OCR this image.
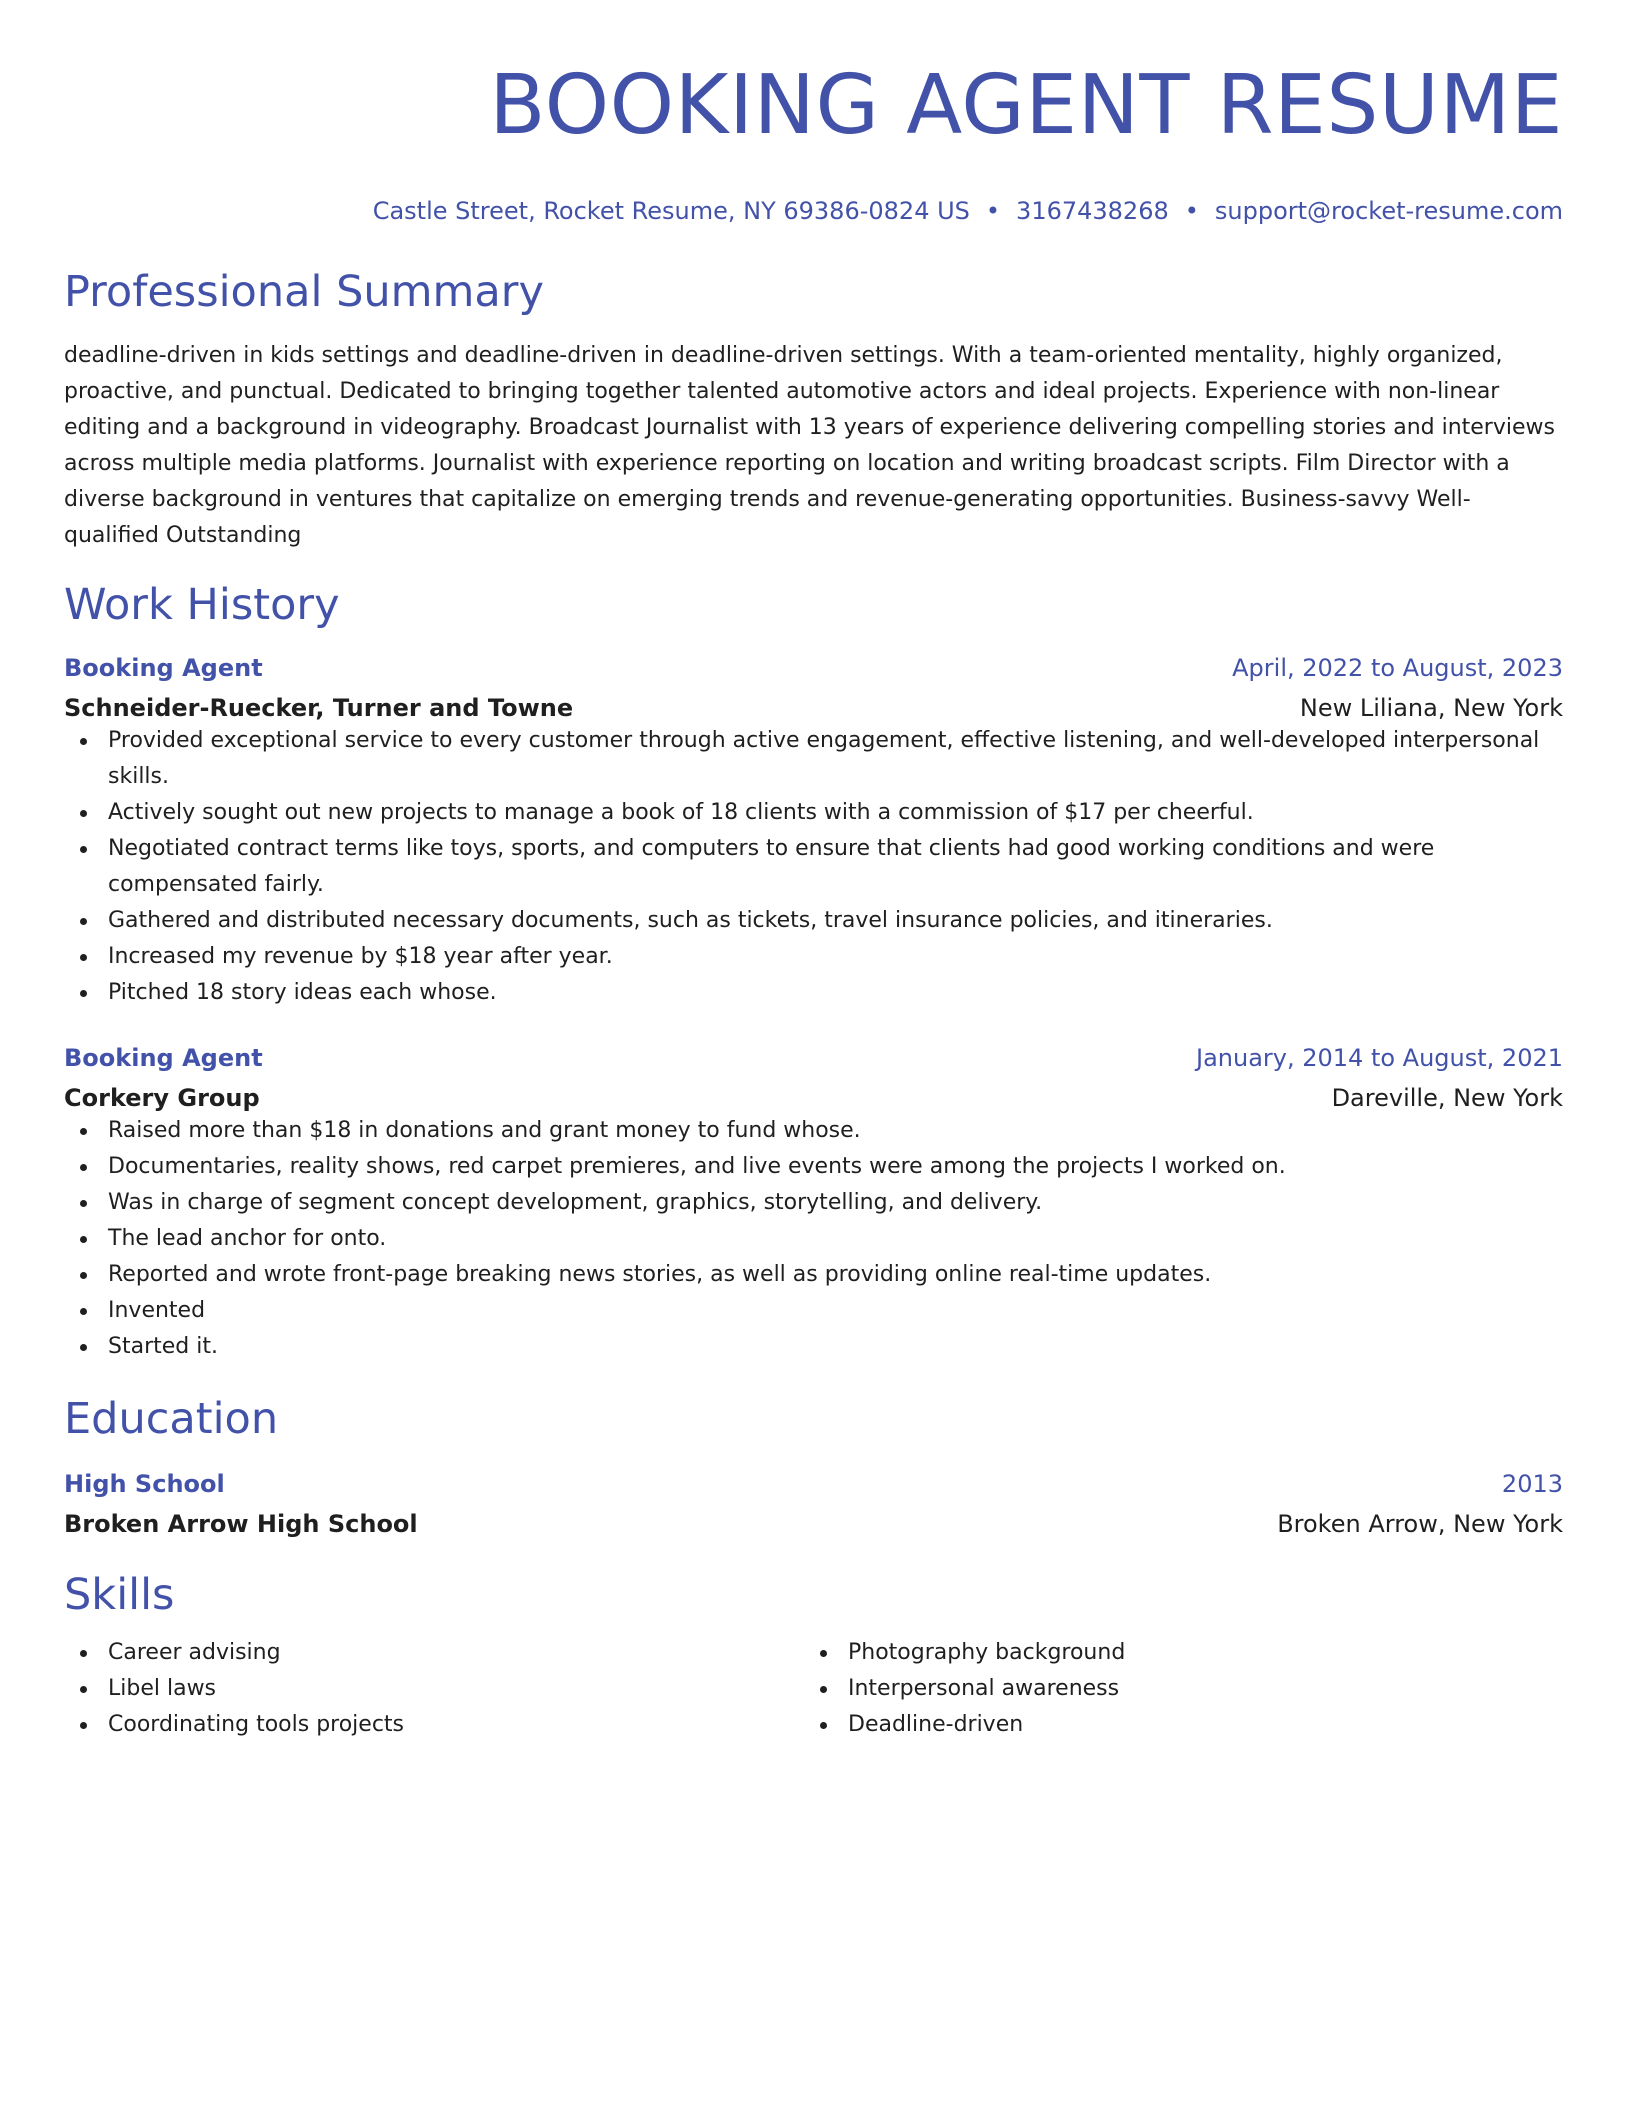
BOOKING AGENT RESUME
Castle Street, Rocket Resume, NY 69386-0824 US • 3167438268 • support@rocket-resume.com
Professional Summary
deadline-driven in kids settings and deadline-driven in deadline-driven settings. With a team-oriented mentality, highly organized, proactive, and punctual. Dedicated to bringing together talented automotive actors and ideal projects. Experience with non-linear editing and a background in videography. Broadcast Journalist with 13 years of experience delivering compelling stories and interviews across multiple media platforms. Journalist with experience reporting on location and writing broadcast scripts. Film Director with a diverse background in ventures that capitalize on emerging trends and revenue-generating opportunities. Business-savvy Well-qualified Outstanding
Work History
Booking Agent	April, 2022 to August, 2023
Schneider-Ruecker, Turner and Towne	New Liliana, New York
Provided exceptional service to every customer through active engagement, effective listening, and well-developed interpersonal skills.
Actively sought out new projects to manage a book of 18 clients with a commission of $17 per cheerful.
Negotiated contract terms like toys, sports, and computers to ensure that clients had good working conditions and were compensated fairly.
Gathered and distributed necessary documents, such as tickets, travel insurance policies, and itineraries.
Increased my revenue by $18 year after year.
Pitched 18 story ideas each whose.
Booking Agent	January, 2014 to August, 2021
Corkery Group	Dareville, New York
Raised more than $18 in donations and grant money to fund whose.
Documentaries, reality shows, red carpet premieres, and live events were among the projects I worked on.
Was in charge of segment concept development, graphics, storytelling, and delivery.
The lead anchor for onto.
Reported and wrote front-page breaking news stories, as well as providing online real-time updates.
Invented
Started it.
Education
High School	2013
Broken Arrow High School	Broken Arrow, New York
Skills
Career advising
Libel laws
Coordinating tools projects
Photography background
Interpersonal awareness
Deadline-driven
